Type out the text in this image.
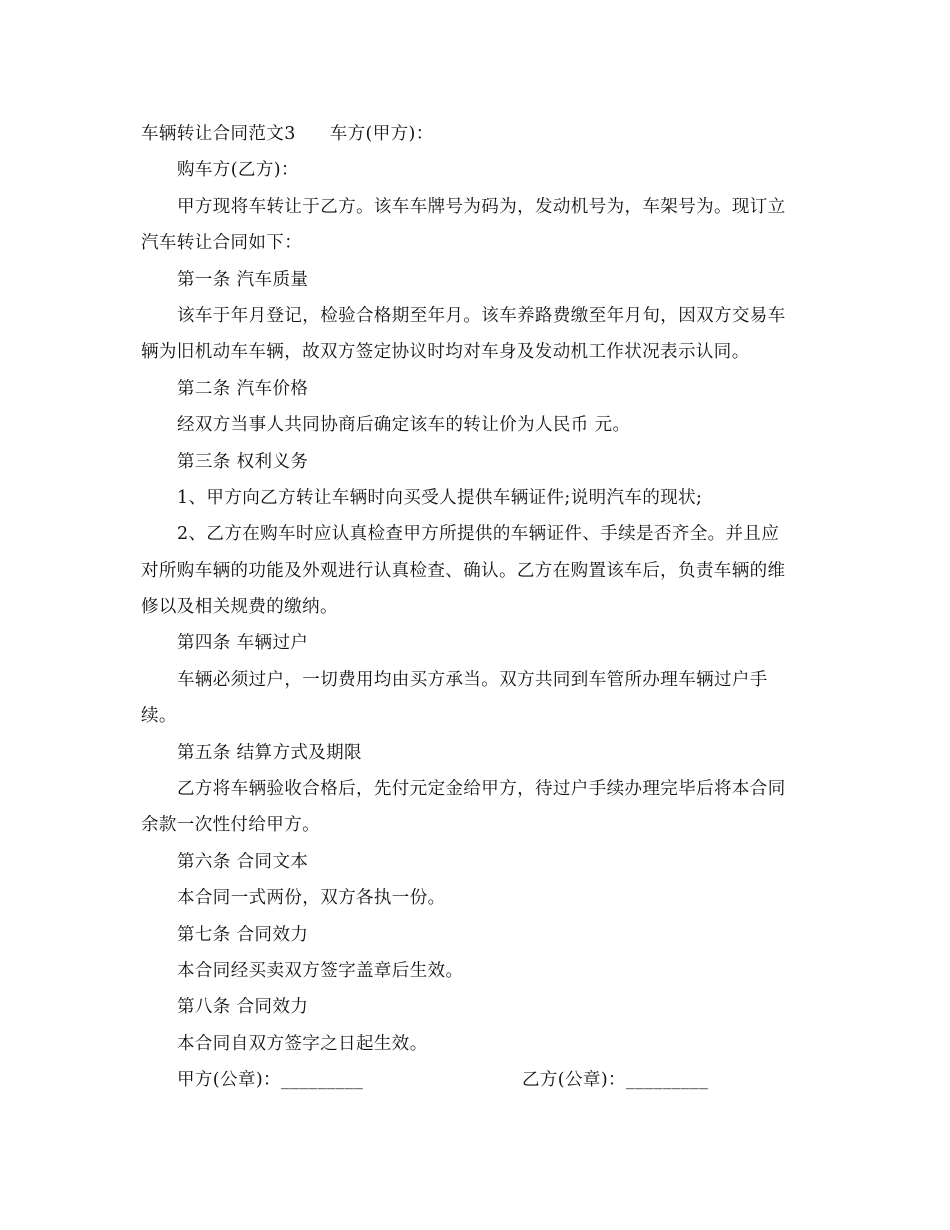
车辆转让合同范文3 车方(甲方)：
购车方(乙方)：
甲方现将车转让于乙方。该车车牌号为码为，发动机号为，车架号为。现订立
汽车转让合同如下：
第一条 汽车质量
该车于年月登记，检验合格期至年月。该车养路费缴至年月旬，因双方交易车
辆为旧机动车车辆，故双方签定协议时均对车身及发动机工作状况表示认同。
第二条 汽车价格
经双方当事人共同协商后确定该车的转让价为人民币 元。
第三条 权利义务
1、甲方向乙方转让车辆时向买受人提供车辆证件;说明汽车的现状;
2、乙方在购车时应认真检查甲方所提供的车辆证件、手续是否齐全。并且应
对所购车辆的功能及外观进行认真检查、确认。乙方在购置该车后，负责车辆的维
修以及相关规费的缴纳。
第四条 车辆过户
车辆必须过户，一切费用均由买方承当。双方共同到车管所办理车辆过户手
续。
第五条 结算方式及期限
乙方将车辆验收合格后，先付元定金给甲方，待过户手续办理完毕后将本合同
余款一次性付给甲方。
第六条 合同文本
本合同一式两份，双方各执一份。
第七条 合同效力
本合同经买卖双方签字盖章后生效。
第八条 合同效力
本合同自双方签字之日起生效。
甲方(公章)：_________	乙方(公章)：_________
